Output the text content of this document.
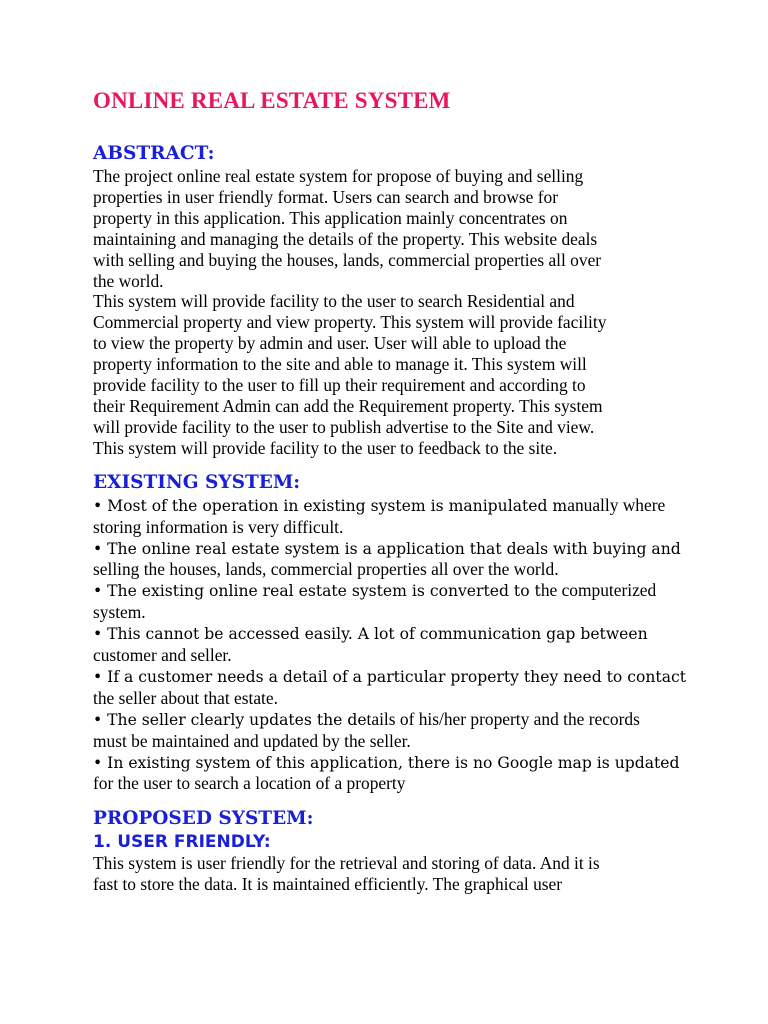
ONLINE REAL ESTATE SYSTEM
ABSTRACT:

The project online real estate system for propose of buying and selling

properties in user friendly format. Users can search and browse for

property in this application. This application mainly concentrates on

maintaining and managing the details of the property. This website deals

with selling and buying the houses, lands, commercial properties all over

the world.

This system will provide facility to the user to search Residential and

Commercial property and view property. This system will provide facility

to view the property by admin and user. User will able to upload the

property information to the site and able to manage it. This system will

provide facility to the user to fill up their requirement and according to

their Requirement Admin can add the Requirement property. This system

will provide facility to the user to publish advertise to the Site and view.

This system will provide facility to the user to feedback to the site.

EXISTING SYSTEM:

• Most of the operation in existing system is manipulated manually where

storing information is very difficult.

• The online real estate system is a application that deals with buying and

selling the houses, lands, commercial properties all over the world.

• The existing online real estate system is converted to the computerized

system.

• This cannot be accessed easily. A lot of communication gap between

customer and seller.

• If a customer needs a detail of a particular property they need to contact

the seller about that estate.

• The seller clearly updates the details of his/her property and the records

must be maintained and updated by the seller.

• In existing system of this application, there is no Google map is updated

for the user to search a location of a property

PROPOSED SYSTEM:
1. USER FRIENDLY:

This system is user friendly for the retrieval and storing of data. And it is

fast to store the data. It is maintained efficiently. The graphical user
